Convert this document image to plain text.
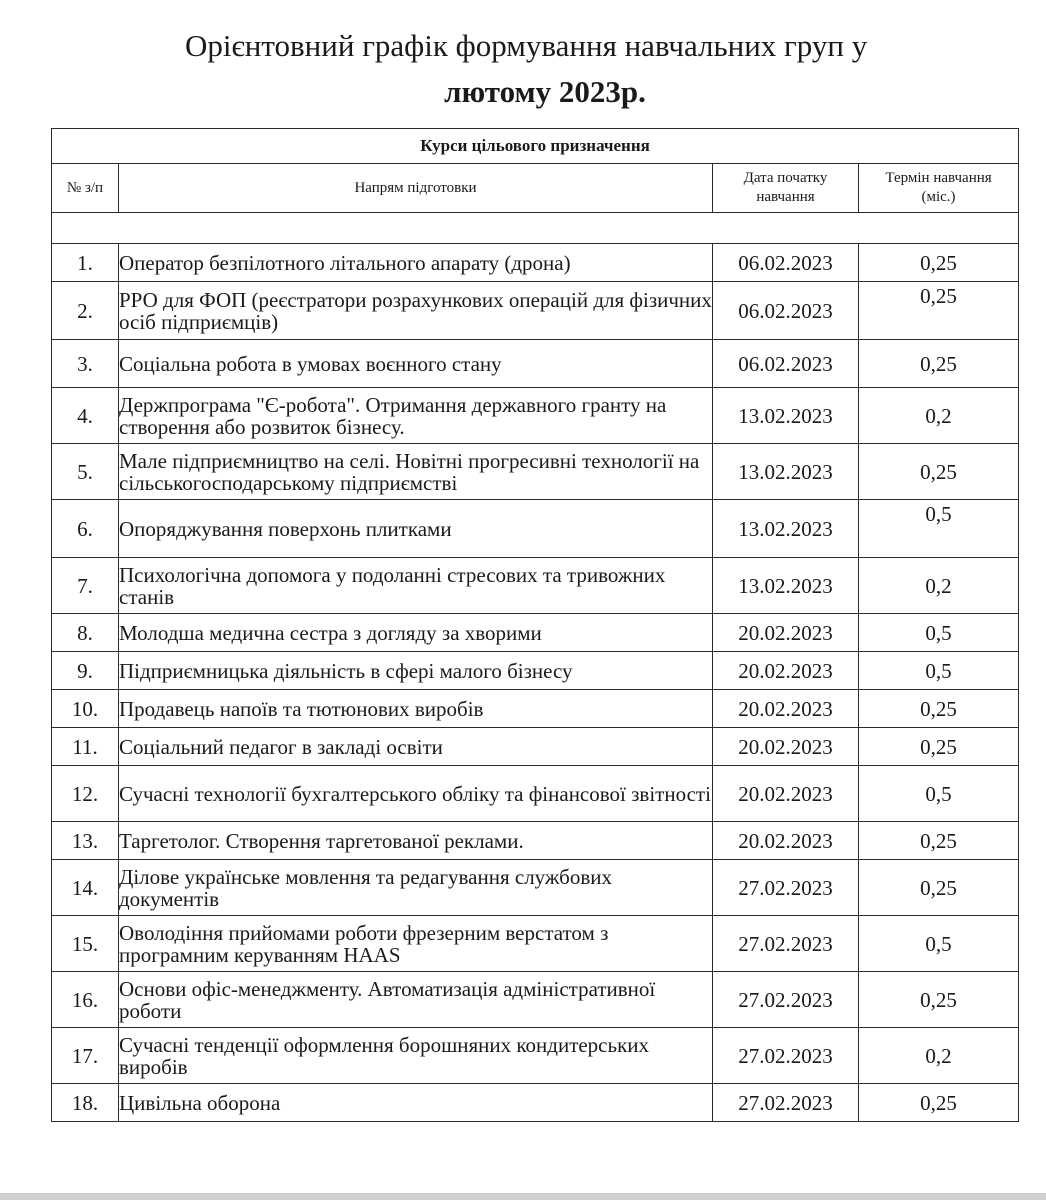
Орієнтовний графік формування навчальних груп у
лютому 2023р.
Курси цільового призначення			
№ з/п	Напрям підготовки	Дата початку навчання	Термін навчання (міс.)

1.	Оператор безпілотного літального апарату (дрона)	06.02.2023	0,25
2.	РРО для ФОП (реєстратори розрахункових операцій для фізичних осіб підприємців)	06.02.2023	0,25
3.	Соціальна робота в умовах воєнного стану	06.02.2023	0,25
4.	Держпрограма "Є-робота". Отримання державного гранту на створення або розвиток бізнесу.	13.02.2023	0,2
5.	Мале підприємництво на селі. Новітні прогресивні технології на сільськогосподарському підприємстві	13.02.2023	0,25
6.	Опоряджування поверхонь плитками	13.02.2023	0,5
7.	Психологічна допомога у подоланні стресових та тривожних станів	13.02.2023	0,2
8.	Молодша медична сестра з догляду за хворими	20.02.2023	0,5
9.	Підприємницька діяльність в сфері малого бізнесу	20.02.2023	0,5
10.	Продавець напоїв та тютюнових виробів	20.02.2023	0,25
11.	Соціальний педагог в закладі освіти	20.02.2023	0,25
12.	Сучасні технології бухгалтерського обліку та фінансової звітності	20.02.2023	0,5
13.	Таргетолог. Створення таргетованої реклами.	20.02.2023	0,25
14.	Ділове українське мовлення та редагування службових документів	27.02.2023	0,25
15.	Оволодіння прийомами роботи фрезерним верстатом з програмним керуванням HAAS	27.02.2023	0,5
16.	Основи офіс-менеджменту. Автоматизація адміністративної роботи	27.02.2023	0,25
17.	Сучасні тенденції оформлення борошняних кондитерських виробів	27.02.2023	0,2
18.	Цивільна оборона	27.02.2023	0,25
